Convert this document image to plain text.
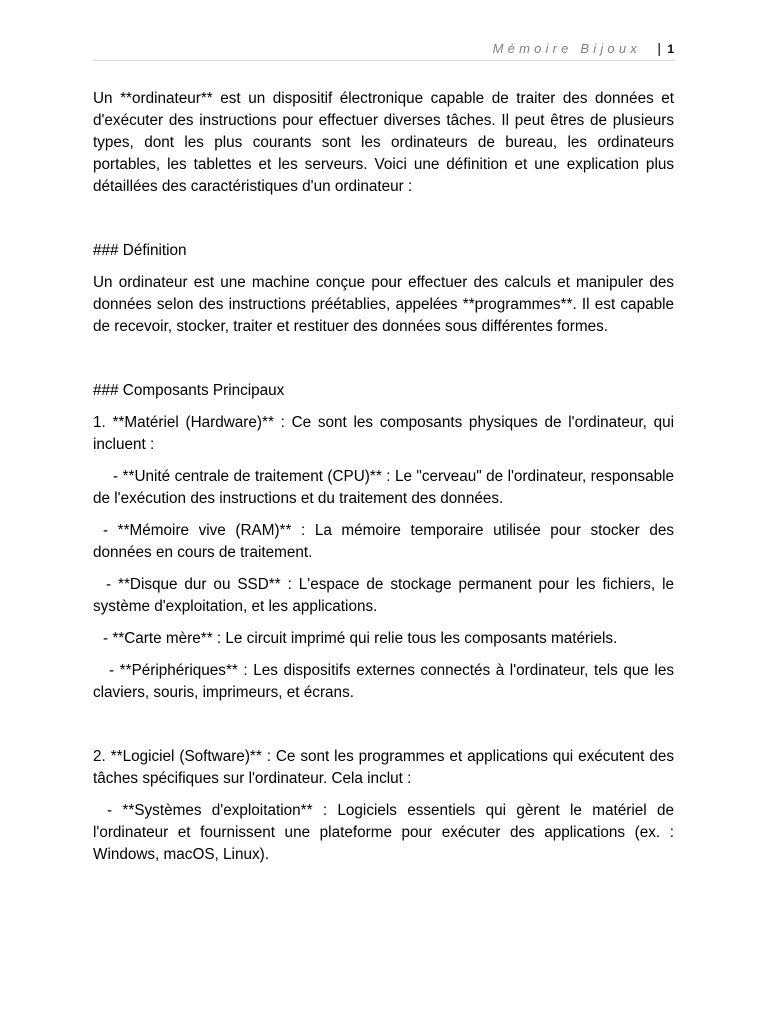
Mémoire Bijoux | 1

Un **ordinateur** est un dispositif électronique capable de traiter des données et d'exécuter des instructions pour effectuer diverses tâches. Il peut êtres de plusieurs types, dont les plus courants sont les ordinateurs de bureau, les ordinateurs portables, les tablettes et les serveurs. Voici une définition et une explication plus détaillées des caractéristiques d'un ordinateur :

### Définition

Un ordinateur est une machine conçue pour effectuer des calculs et manipuler des données selon des instructions préétablies, appelées **programmes**. Il est capable de recevoir, stocker, traiter et restituer des données sous différentes formes.

### Composants Principaux

1. **Matériel (Hardware)** : Ce sont les composants physiques de l'ordinateur, qui incluent :

- **Unité centrale de traitement (CPU)** : Le "cerveau" de l'ordinateur, responsable de l'exécution des instructions et du traitement des données.

- **Mémoire vive (RAM)** : La mémoire temporaire utilisée pour stocker des données en cours de traitement.

- **Disque dur ou SSD** : L'espace de stockage permanent pour les fichiers, le système d'exploitation, et les applications.

- **Carte mère** : Le circuit imprimé qui relie tous les composants matériels.

- **Périphériques** : Les dispositifs externes connectés à l'ordinateur, tels que les claviers, souris, imprimeurs, et écrans.

2. **Logiciel (Software)** : Ce sont les programmes et applications qui exécutent des tâches spécifiques sur l'ordinateur. Cela inclut :

- **Systèmes d'exploitation** : Logiciels essentiels qui gèrent le matériel de l'ordinateur et fournissent une plateforme pour exécuter des applications (ex. : Windows, macOS, Linux).
